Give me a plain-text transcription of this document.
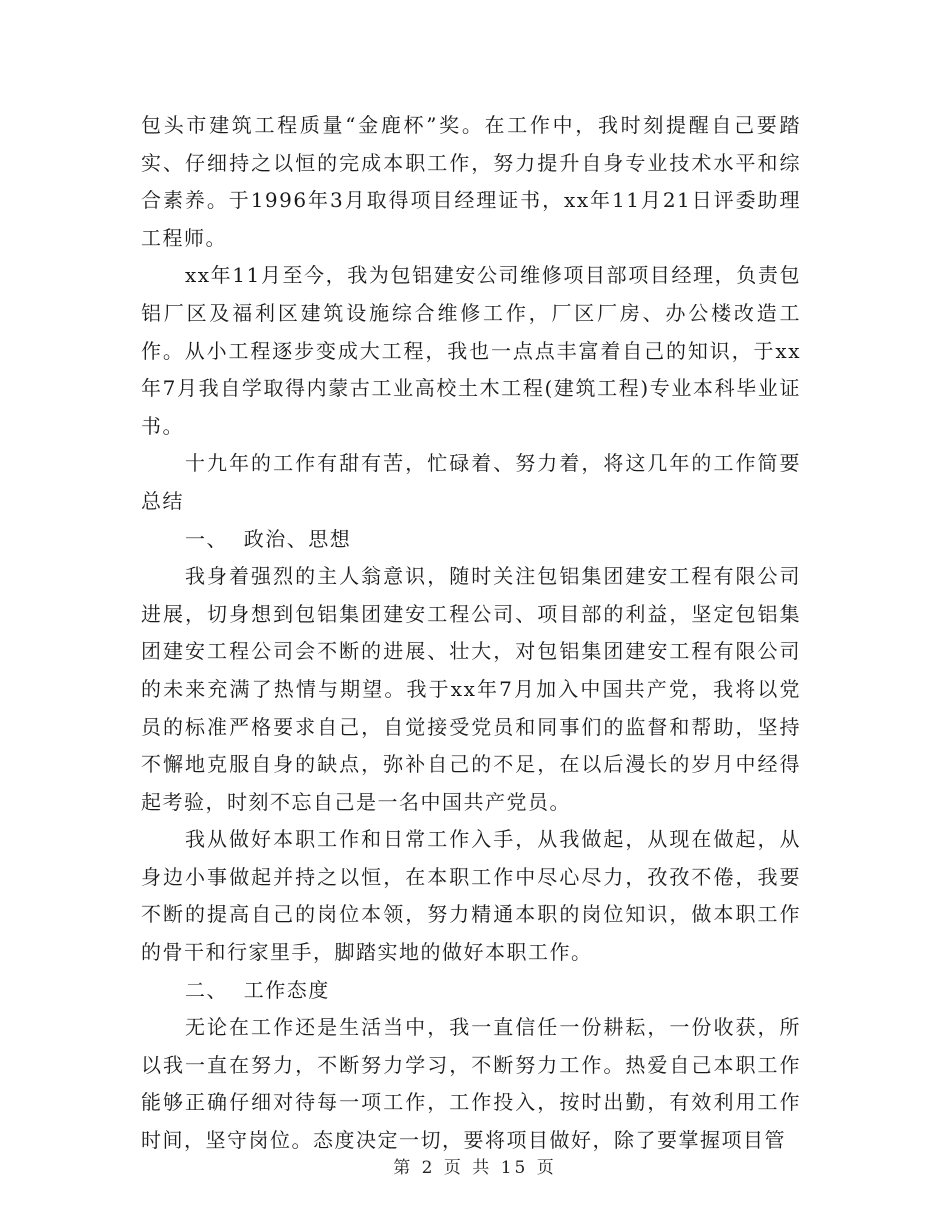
包头市建筑工程质量“金鹿杯”奖。在工作中，我时刻提醒自己要踏实、仔细持之以恒的完成本职工作，努力提升自身专业技术水平和综合素养。于1996年3月取得项目经理证书，xx年11月21日评委助理工程师。

xx年11月至今，我为包铝建安公司维修项目部项目经理，负责包铝厂区及福利区建筑设施综合维修工作，厂区厂房、办公楼改造工作。从小工程逐步变成大工程，我也一点点丰富着自己的知识，于xx年7月我自学取得内蒙古工业高校土木工程(建筑工程)专业本科毕业证书。

十九年的工作有甜有苦，忙碌着、努力着，将这几年的工作简要总结

一、  政治、思想

我身着强烈的主人翁意识，随时关注包铝集团建安工程有限公司进展，切身想到包铝集团建安工程公司、项目部的利益，坚定包铝集团建安工程公司会不断的进展、壮大，对包铝集团建安工程有限公司的未来充满了热情与期望。我于xx年7月加入中国共产党，我将以党员的标准严格要求自己，自觉接受党员和同事们的监督和帮助，坚持不懈地克服自身的缺点，弥补自己的不足，在以后漫长的岁月中经得起考验，时刻不忘自己是一名中国共产党员。

我从做好本职工作和日常工作入手，从我做起，从现在做起，从身边小事做起并持之以恒，在本职工作中尽心尽力，孜孜不倦，我要不断的提高自己的岗位本领，努力精通本职的岗位知识，做本职工作的骨干和行家里手，脚踏实地的做好本职工作。

二、  工作态度

无论在工作还是生活当中，我一直信任一份耕耘，一份收获，所以我一直在努力，不断努力学习，不断努力工作。热爱自己本职工作能够正确仔细对待每一项工作，工作投入，按时出勤，有效利用工作时间，坚守岗位。态度决定一切，要将项目做好，除了要掌握项目管

第 2 页 共 15 页
